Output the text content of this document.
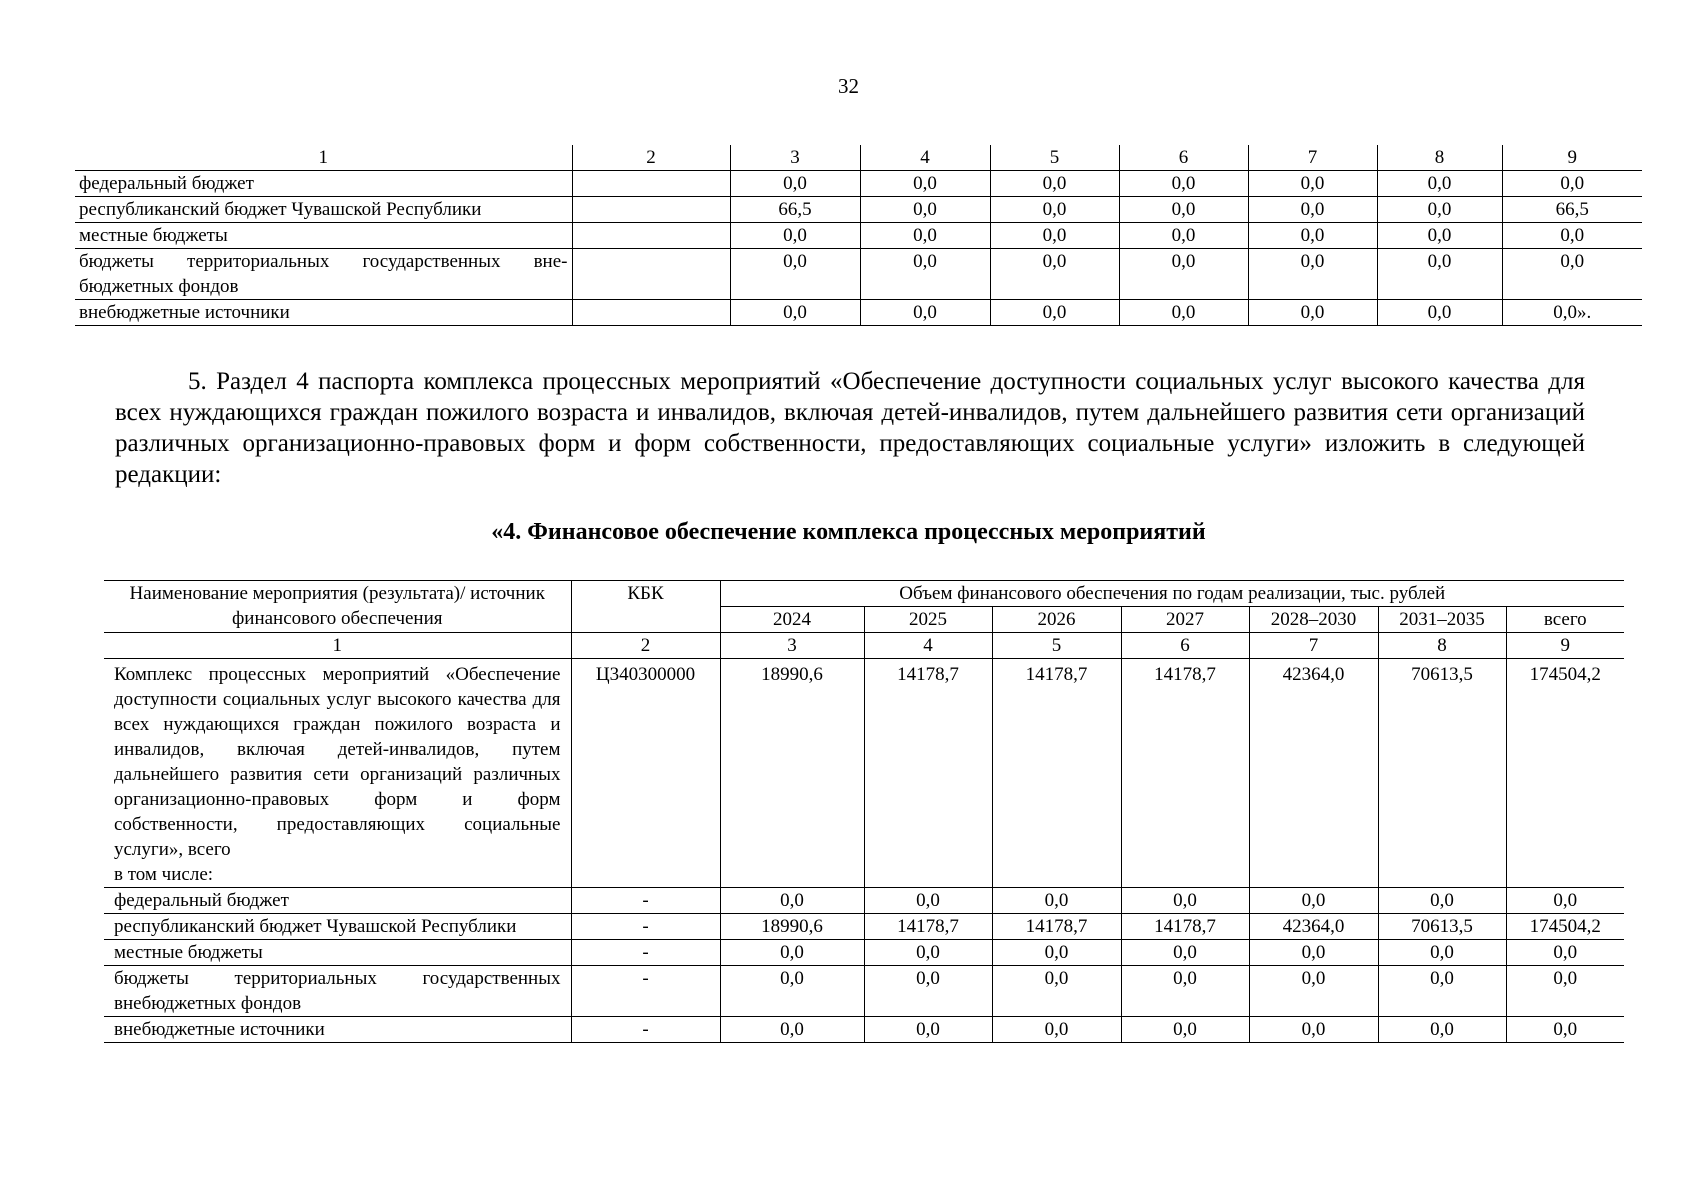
32
1	2	3	4	5	6	7	8	9
федеральный бюджет		0,0	0,0	0,0	0,0	0,0	0,0	0,0
республиканский бюджет Чувашской Республики		66,5	0,0	0,0	0,0	0,0	0,0	66,5
местные бюджеты		0,0	0,0	0,0	0,0	0,0	0,0	0,0
бюджеты территориальных государственных вне-бюджетных фондов		0,0	0,0	0,0	0,0	0,0	0,0	0,0
внебюджетные источники		0,0	0,0	0,0	0,0	0,0	0,0	0,0».

5. Раздел 4 паспорта комплекса процессных мероприятий «Обеспечение доступности социальных услуг высокого качества для всех нуждающихся граждан пожилого возраста и инвалидов, включая детей-инвалидов, путем дальнейшего развития сети организаций различных организационно-правовых форм и форм собственности, предоставляющих социальные услуги» изложить в следующей редакции:

«4. Финансовое обеспечение комплекса процессных мероприятий
Наименование мероприятия (результата)/ источник финансового обеспечения	КБК	Объем финансового обеспечения по годам реализации, тыс. рублей						
		2024	2025	2026	2027	2028–2030	2031–2035	всего
1	2	3	4	5	6	7	8	9

Комплекс процессных мероприятий «Обеспечение доступности социальных услуг высокого качества для всех нуждающихся граждан пожилого возраста и инвалидов, включая детей-инвалидов, путем дальнейшего развития сети организаций различных организационно-правовых форм и форм собственности, предоставляющих социальные услуги», всего
в том числе:	Ц340300000	18990,6	14178,7	14178,7	14178,7	42364,0	70613,5	174504,2
федеральный бюджет	-	0,0	0,0	0,0	0,0	0,0	0,0	0,0
республиканский бюджет Чувашской Республики	-	18990,6	14178,7	14178,7	14178,7	42364,0	70613,5	174504,2
местные бюджеты	-	0,0	0,0	0,0	0,0	0,0	0,0	0,0
бюджеты территориальных государственных внебюджетных фондов	-	0,0	0,0	0,0	0,0	0,0	0,0	0,0
внебюджетные источники	-	0,0	0,0	0,0	0,0	0,0	0,0	0,0
